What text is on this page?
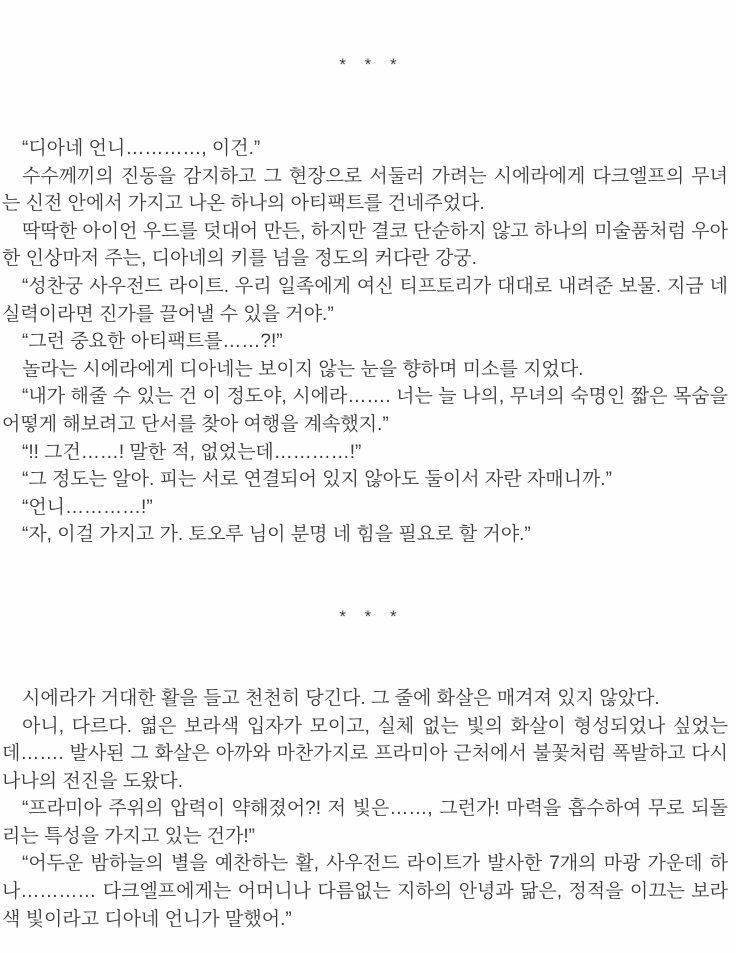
* * *

“디아네 언니…………, 이건.”

수수께끼의 진동을 감지하고 그 현장으로 서둘러 가려는 시에라에게 다크엘프의 무녀는 신전 안에서 가지고 나온 하나의 아티팩트를 건네주었다.

딱딱한 아이언 우드를 덧대어 만든, 하지만 결코 단순하지 않고 하나의 미술품처럼 우아한 인상마저 주는, 디아네의 키를 넘을 정도의 커다란 강궁.

“성찬궁 사우전드 라이트. 우리 일족에게 여신 티프토리가 대대로 내려준 보물. 지금 네 실력이라면 진가를 끌어낼 수 있을 거야.”

“그런 중요한 아티팩트를……?!”

놀라는 시에라에게 디아네는 보이지 않는 눈을 향하며 미소를 지었다.

“내가 해줄 수 있는 건 이 정도야, 시에라……. 너는 늘 나의, 무녀의 숙명인 짧은 목숨을 어떻게 해보려고 단서를 찾아 여행을 계속했지.”

“!! 그건……! 말한 적, 없었는데…………!”

“그 정도는 알아. 피는 서로 연결되어 있지 않아도 둘이서 자란 자매니까.”

“언니…………!”

“자, 이걸 가지고 가. 토오루 님이 분명 네 힘을 필요로 할 거야.”

* * *

시에라가 거대한 활을 들고 천천히 당긴다. 그 줄에 화살은 매겨져 있지 않았다.

아니, 다르다. 엷은 보라색 입자가 모이고, 실체 없는 빛의 화살이 형성되었나 싶었는데……. 발사된 그 화살은 아까와 마찬가지로 프라미아 근처에서 불꽃처럼 폭발하고 다시 나나의 전진을 도왔다.

“프라미아 주위의 압력이 약해졌어?! 저 빛은……, 그런가! 마력을 흡수하여 무로 되돌리는 특성을 가지고 있는 건가!”

“어두운 밤하늘의 별을 예찬하는 활, 사우전드 라이트가 발사한 7개의 마광 가운데 하나………… 다크엘프에게는 어머니나 다름없는 지하의 안녕과 닮은, 정적을 이끄는 보라색 빛이라고 디아네 언니가 말했어.”
